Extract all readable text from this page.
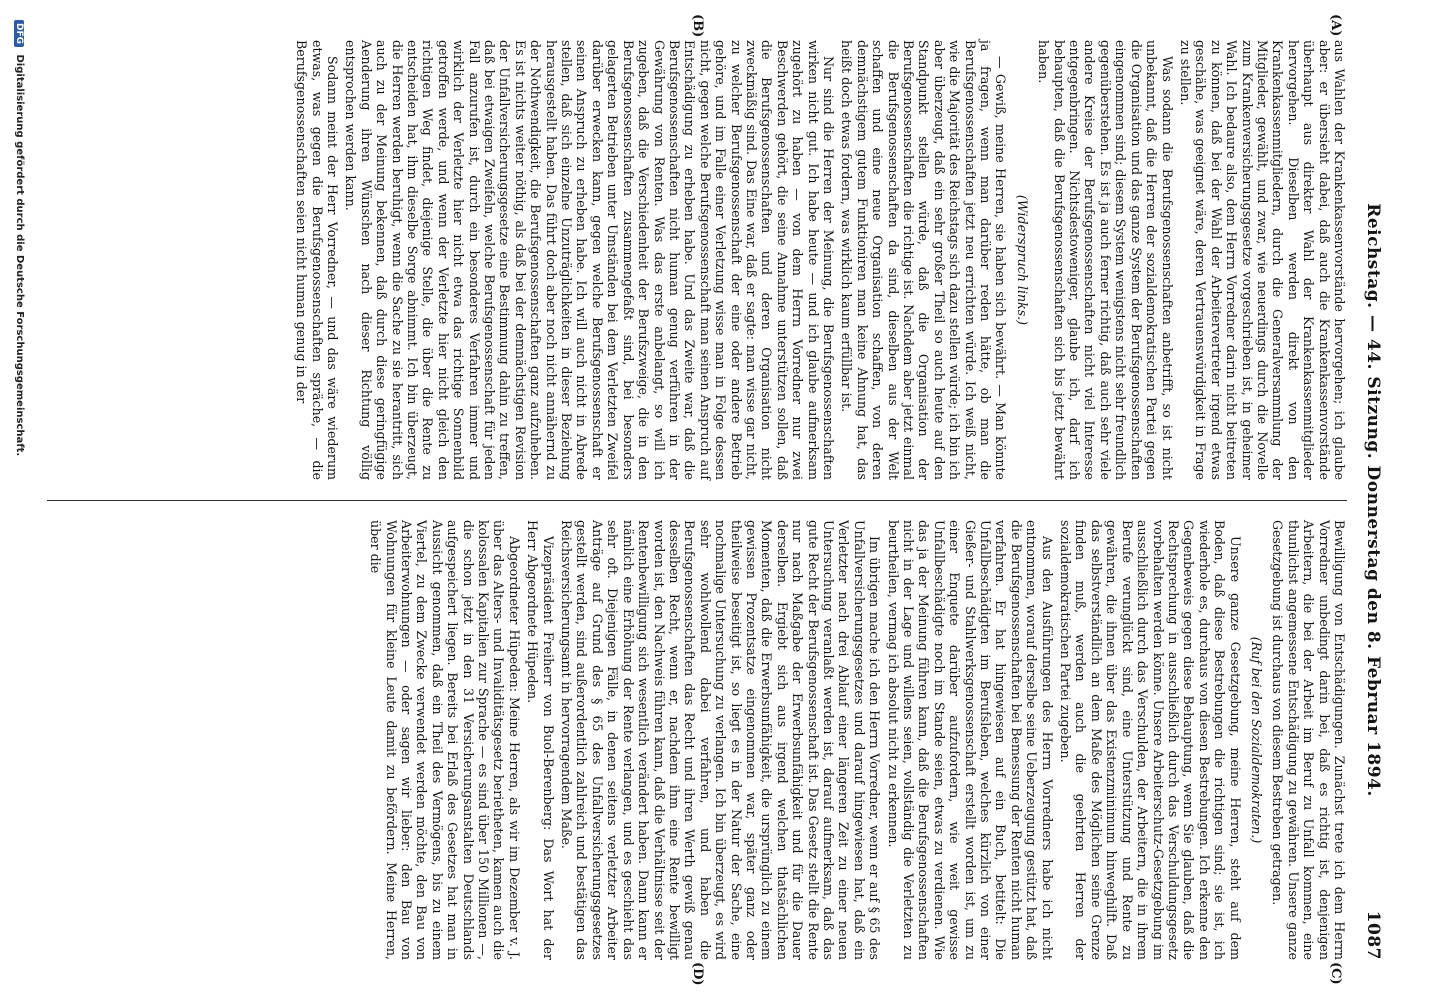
Reichstag. — 44. Sitzung. Donnerstag den 8. Februar 1894.
1087
(A)
(B)
(C)
(D)

aus Wahlen der Krankenkassenvorstände hervorgehen; ich glaube aber: er übersieht dabei, daß auch die Krankenkassenvorstände überhaupt aus direkter Wahl der Krankenkassenmitglieder hervorgehen. Dieselben werden direkt von den Krankenkassenmitgliedern, durch die Generalversammlung der Mitglieder, gewählt, und zwar, wie neuerdings durch die Novelle zum Krankenversicherungsgesetze vorgeschrieben ist, in geheimer Wahl. Ich bedaure also, dem Herrn Vorredner darin nicht beitreten zu können, daß bei der Wahl der Arbeitervertreter irgend etwas geschähe, was geeignet wäre, deren Vertrauenswürdigkeit in Frage zu stellen.

Was sodann die Berufsgenossenschaften anbetrifft, so ist nicht unbekannt, daß die Herren der sozialdemokratischen Partei gegen die Organisation und das ganze System der Berufsgenossenschaften eingenommen sind; diesem System wenigstens nicht sehr freundlich gegenüberstehen. Es ist ja auch ferner richtig, daß auch sehr viele andere Kreise der Berufsgenossenschaften nicht viel Interesse entgegenbringen. Nichtsdestoweniger, glaube ich, darf ich behaupten, daß die Berufsgenossenschaften sich bis jetzt bewährt haben.

(Widerspruch links.)

— Gewiß, meine Herren, sie haben sich bewährt. — Man könnte ja fragen, wenn man darüber reden hätte, ob man die Berufsgenossenschaften jetzt neu errichten würde. Ich weiß nicht, wie die Majorität des Reichstags sich dazu stellen würde; ich bin ich aber überzeugt, daß ein sehr großer Theil so auch heute auf den Standpunkt stellen würde, daß die Organisation der Berufsgenossenschaften die richtige ist. Nachdem aber jetzt einmal die Berufsgenossenschaften da sind, dieselben aus der Welt schaffen und eine neue Organisation schaffen, von deren demnächstigem gutem Funktioniren man keine Ahnung hat, das heißt doch etwas fordern, was wirklich kaum erfüllbar ist.

Nur sind die Herren der Meinung, die Berufsgenossenschaften wirken nicht gut. Ich habe heute — und ich glaube aufmerksam zugehört zu haben — von dem Herrn Vorredner nur zwei Beschwerden gehört, die seine Annahme unterstützen sollen, daß die Berufsgenossenschaften und deren Organisation nicht zweckmäßig sind. Das Eine war, daß er sagte: man wisse gar nicht, zu welcher Berufsgenossenschaft der eine oder andere Betrieb gehöre, und im Falle einer Verletzung wisse man in Folge dessen nicht, gegen welche Berufsgenossenschaft man seinen Anspruch auf Entschädigung zu erheben habe. Und das Zweite war, daß die Berufsgenossenschaften nicht human genug verführen in der Gewährung von Renten. Was das erste anbelangt, so will ich zugeben, daß die Verschiedenheit der Berufszweige, die in den Berufsgenossenschaften zusammengefaßt sind, bei besonders gelagerten Betrieben unter Umständen bei dem Verletzten Zweifel darüber erwecken kann, gegen welche Berufsgenossenschaft er seinen Anspruch zu erheben habe. Ich will auch nicht in Abrede stellen, daß sich einzelne Unzuträglichkeiten in dieser Beziehung herausgestellt haben. Das führt doch aber noch nicht annähernd zu der Nothwendigkeit, die Berufsgenossenschaften ganz aufzuheben. Es ist nichts weiter nöthig, als daß bei der demnächstigen Revision der Unfallversicherungsgesetze eine Bestimmung dahin zu treffen, daß bei etwaigen Zweifeln, welche Berufsgenossenschaft für jeden Fall anzurufen ist, durch ein besonderes Verfahren immer und wirklich der Verletzte hier nicht etwa das richtige Sonnenbild getroffen werde, und wenn der Verletzte hier nicht gleich den richtigen Weg findet, diejenige Stelle, die über die Rente zu entscheiden hat, ihm dieselbe Sorge abnimmt. Ich bin überzeugt, die Herren werden beruhigt, wenn die Sache zu sie herantritt, sich auch zu der Meinung bekennen, daß durch diese geringfügige Aenderung ihren Wünschen nach dieser Richtung völlig entsprochen werden kann.

Sodann meint der Herr Vorredner, — und das wäre wiederum etwas, was gegen die Berufsgenossenschaften spräche, — die Berufsgenossenschaften seien nicht human genug in der

Bewilligung von Entschädigungen. Zunächst trete ich dem Herrn Vorredner unbedingt darin bei, daß es richtig ist, denjenigen Arbeitern, die bei der Arbeit im Beruf zu Unfall kommen, eine thunlichst angemessene Entschädigung zu gewähren. Unsere ganze Gesetzgebung ist durchaus von diesem Bestreben getragen.

(Ruf bei den Sozialdemokraten.)

Unsere ganze Gesetzgebung, meine Herren, steht auf dem Boden, daß diese Bestrebungen die richtigen sind; sie ist, ich wiederhole es, durchaus von diesen Bestrebungen. Ich erkenne den Gegenbeweis gegen diese Behauptung, wenn Sie glauben, daß die Rechtsprechung in ausschließlich durch das Verschuldungsgesetz vorbehalten werden könne. Unsere Arbeiterschutz-Gesetzgebung im ausschließlich durch das Verschulden, der Arbeitern, die in ihrem Berufe verunglückt sind, eine Unterstützung und Rente zu gewähren, die ihnen über das Existenzminimum hinweghilft. Daß das selbstverständlich an dem Maße des Möglichen seine Grenze finden muß, werden auch die geehrten Herren der sozialdemokratischen Partei zugeben.

Aus den Ausführungen des Herrn Vorredners habe ich nicht entnommen, worauf derselbe seine Ueberzeugung gestützt hat, daß die Berufsgenossenschaften bei Bemessung der Renten nicht human verfahren. Er hat hingewiesen auf ein Buch, betitelt: Die Unfallbeschädigten im Berufsleben, welches kürzlich von einer Gießer- und Stahlwerksgenossenschaft erstellt worden ist, um zu einer Enquete darüber aufzufordern, wie weit gewisse Unfallbeschädigte noch im Stande seien, etwas zu verdienen. Wie das ja der Meinung führen kann, daß die Berufsgenossenschaften nicht in der Lage und willens seien, vollständig die Verletzten zu beurtheilen, vermag ich absolut nicht zu erkennen.

Im übrigen mache ich den Herrn Vorredner, wenn er auf § 65 des Unfallversicherungsgesetzes und darauf hingewiesen hat, daß ein Verletzter nach drei Ablauf einer längeren Zeit zu einer neuen Untersuchung veranlaßt werden ist, darauf aufmerksam, daß das gute Recht der Berufsgenossenschaft ist. Das Gesetz stellt die Rente nur nach Maßgabe der Erwerbsunfähigkeit und für die Dauer derselben. Ergiebt sich aus irgend welchen thatsächlichen Momenten, daß die Erwerbsunfähigkeit, die ursprünglich zu einem gewissen Prozentsatze eingenommen war, später ganz oder theilweise beseitigt ist, so liegt es in der Natur der Sache, eine nochmalige Untersuchung zu verlangen. Ich bin überzeugt, es wird sehr wohlwollend dabei verfahren, und haben die Berufsgenossenschaften das Recht und ihren Werth gewiß genau desselben Recht, wenn er, nachdem ihm eine Rente bewilligt worden ist, den Nachweis führen kann, daß die Verhältnisse seit der Rentenbewilligung sich wesentlich verändert haben. Dann kann er nämlich eine Erhöhung der Rente verlangen, und es geschieht das sehr oft. Diejenigen Fälle, in denen seitens verletzter Arbeiter Anträge auf Grund des § 65 des Unfallversicherungsgesetzes gestellt werden, sind außerordentlich zahlreich und bestätigen das Reichsversicherungsamt in hervorragendem Maße.

Vizepräsident Freiherr von Buol-Berenberg: Das Wort hat der Herr Abgeordnete Hüpeden.

Abgeordneter Hüpeden: Meine Herren, als wir im Dezember v. J. über das Alters- und Invaliditätsgesetz berietheten, kamen auch die kolossalen Kapitalien zur Sprache — es sind über 150 Millionen —, die schon jetzt in den 31 Versicherungsanstalten Deutschlands aufgespeichert liegen. Bereits bei Erlaß des Gesetzes hat man in Aussicht genommen, daß ein Theil des Vermögens, bis zu einem Viertel, zu dem Zwecke verwendet werden möchte, den Bau von Arbeiterwohnungen — oder sagen wir lieber: den Bau von Wohnungen für kleine Leute damit zu befördern. Meine Herren, über die

DFG Digitalisierung gefördert durch die Deutsche Forschungsgemeinschaft.
